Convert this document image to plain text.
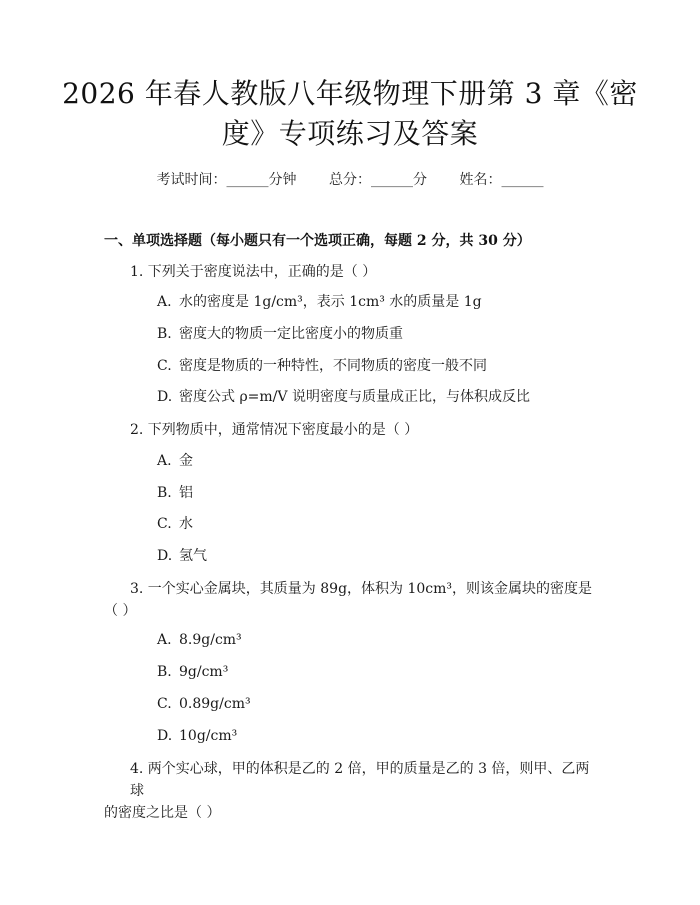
2026 年春人教版八年级物理下册第 3 章《密
度》专项练习及答案
考试时间：______分钟 总分：______分 姓名：______
一、单项选择题（每小题只有一个选项正确，每题 2 分，共 30 分）
1. 下列关于密度说法中，正确的是（ ）
A. 水的密度是 1g/cm³，表示 1cm³ 水的质量是 1g
B. 密度大的物质一定比密度小的物质重
C. 密度是物质的一种特性，不同物质的密度一般不同
D. 密度公式 ρ=m/V 说明密度与质量成正比，与体积成反比
2. 下列物质中，通常情况下密度最小的是（ ）
A. 金
B. 铝
C. 水
D. 氢气
3. 一个实心金属块，其质量为 89g，体积为 10cm³，则该金属块的密度是
（ ）
A. 8.9g/cm³
B. 9g/cm³
C. 0.89g/cm³
D. 10g/cm³
4. 两个实心球，甲的体积是乙的 2 倍，甲的质量是乙的 3 倍，则甲、乙两球
的密度之比是（ ）
